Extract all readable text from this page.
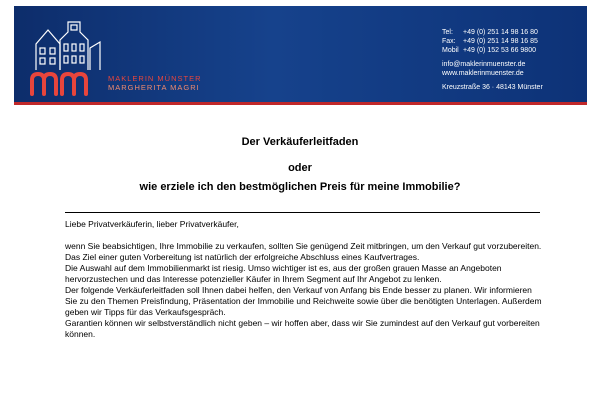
MAKLERIN MÜNSTER
MARGHERITA MAGRI
Tel: +49 (0) 251 14 98 16 80
Fax: +49 (0) 251 14 98 16 85
Mobil +49 (0) 152 53 66 9800
info@maklerinmuenster.de
www.maklerinmuenster.de
Kreuzstraße 36 · 48143 Münster
Der Verkäuferleitfaden
oder
wie erziele ich den bestmöglichen Preis für meine Immobilie?

Liebe Privatverkäuferin, lieber Privatverkäufer,

wenn Sie beabsichtigen, Ihre Immobilie zu verkaufen, sollten Sie genügend Zeit mitbringen, um den Verkauf gut vorzubereiten. Das Ziel einer guten Vorbereitung ist natürlich der erfolgreiche Abschluss eines Kaufvertrages.

Die Auswahl auf dem Immobilienmarkt ist riesig. Umso wichtiger ist es, aus der großen grauen Masse an Angeboten hervorzustechen und das Interesse potenzieller Käufer in Ihrem Segment auf Ihr Angebot zu lenken.

Der folgende Verkäuferleitfaden soll Ihnen dabei helfen, den Verkauf von Anfang bis Ende besser zu planen. Wir informieren Sie zu den Themen Preisfindung, Präsentation der Immobilie und Reichweite sowie über die benötigten Unterlagen. Außerdem geben wir Tipps für das Verkaufsgespräch.

Garantien können wir selbstverständlich nicht geben – wir hoffen aber, dass wir Sie zumindest auf den Verkauf gut vorbereiten können.
